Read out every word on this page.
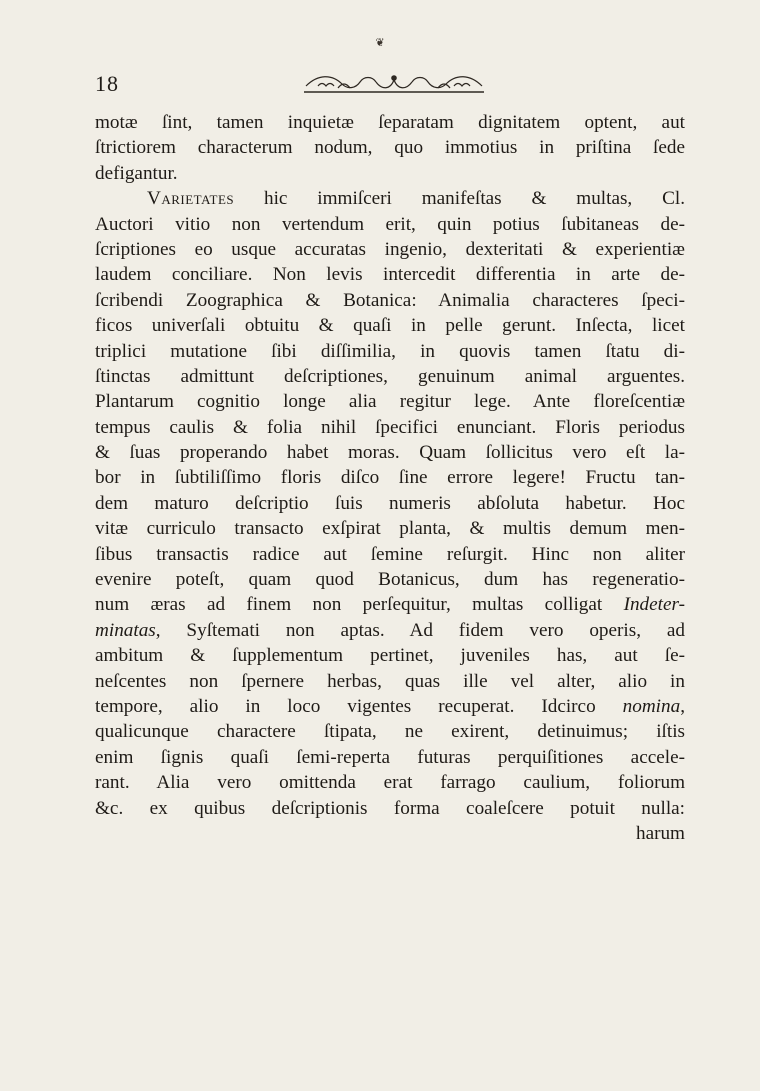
❦
18
motæ ſint, tamen inquietæ ſeparatam dignitatem optent, aut
ſtrictiorem characterum nodum, quo immotius in priſtina ſede
defigantur.
Varietates hic immiſceri manifeſtas & multas, Cl.
Auctori vitio non vertendum erit, quin potius ſubitaneas de-
ſcriptiones eo usque accuratas ingenio, dexteritati & experientiæ
laudem conciliare. Non levis intercedit differentia in arte de-
ſcribendi Zoographica & Botanica: Animalia characteres ſpeci-
ficos univerſali obtuitu & quaſi in pelle gerunt. Inſecta, licet
triplici mutatione ſibi diſſimilia, in quovis tamen ſtatu di-
ſtinctas admittunt deſcriptiones, genuinum animal arguentes.
Plantarum cognitio longe alia regitur lege. Ante floreſcentiæ
tempus caulis & folia nihil ſpecifici enunciant. Floris periodus
& ſuas properando habet moras. Quam ſollicitus vero eſt la-
bor in ſubtiliſſimo floris diſco ſine errore legere! Fructu tan-
dem maturo deſcriptio ſuis numeris abſoluta habetur. Hoc
vitæ curriculo transacto exſpirat planta, & multis demum men-
ſibus transactis radice aut ſemine reſurgit. Hinc non aliter
evenire poteſt, quam quod Botanicus, dum has regeneratio-
num æras ad finem non perſequitur, multas colligat Indeter-
minatas, Syſtemati non aptas. Ad fidem vero operis, ad
ambitum & ſupplementum pertinet, juveniles has, aut ſe-
neſcentes non ſpernere herbas, quas ille vel alter, alio in
tempore, alio in loco vigentes recuperat. Idcirco nomina,
qualicunque charactere ſtipata, ne exirent, detinuimus; iſtis
enim ſignis quaſi ſemi-reperta futuras perquiſitiones accele-
rant. Alia vero omittenda erat farrago caulium, foliorum
&c. ex quibus deſcriptionis forma coaleſcere potuit nulla:
harum
